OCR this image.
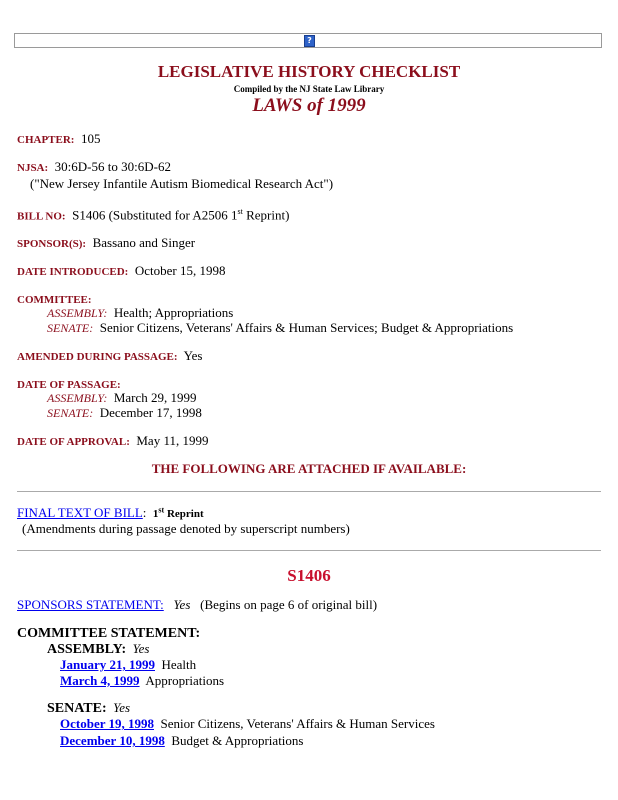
?
LEGISLATIVE HISTORY CHECKLIST
Compiled by the NJ State Law Library
LAWS of 1999
CHAPTER: 105
NJSA: 30:6D-56 to 30:6D-62
("New Jersey Infantile Autism Biomedical Research Act")
BILL NO: S1406 (Substituted for A2506 1st Reprint)
SPONSOR(S): Bassano and Singer
DATE INTRODUCED: October 15, 1998
COMMITTEE:
ASSEMBLY: Health; Appropriations
SENATE: Senior Citizens, Veterans' Affairs & Human Services; Budget & Appropriations
AMENDED DURING PASSAGE: Yes
DATE OF PASSAGE:
ASSEMBLY: March 29, 1999
SENATE: December 17, 1998
DATE OF APPROVAL: May 11, 1999
THE FOLLOWING ARE ATTACHED IF AVAILABLE:
FINAL TEXT OF BILL: 1st Reprint
(Amendments during passage denoted by superscript numbers)
S1406
SPONSORS STATEMENT: Yes (Begins on page 6 of original bill)
COMMITTEE STATEMENT:
ASSEMBLY: Yes
January 21, 1999 Health
March 4, 1999 Appropriations
SENATE: Yes
October 19, 1998 Senior Citizens, Veterans' Affairs & Human Services
December 10, 1998 Budget & Appropriations
